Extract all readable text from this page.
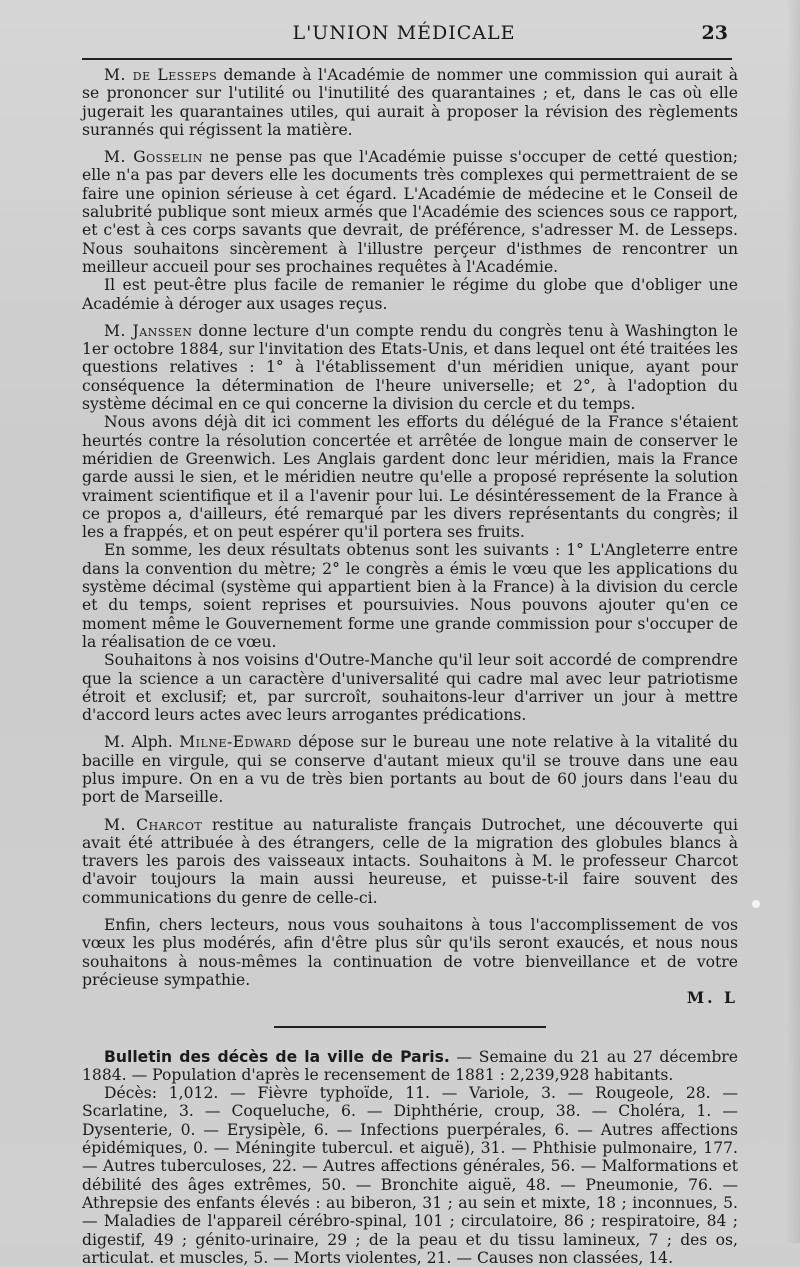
L'UNION MÉDICALE	23

M. de Lesseps demande à l'Académie de nommer une commission qui aurait à se prononcer sur l'utilité ou l'inutilité des quarantaines ; et, dans le cas où elle jugerait les quarantaines utiles, qui aurait à proposer la révision des règlements surannés qui régissent la matière.

M. Gosselin ne pense pas que l'Académie puisse s'occuper de cetté question; elle n'a pas par devers elle les documents très complexes qui permettraient de se faire une opinion sérieuse à cet égard. L'Académie de médecine et le Conseil de salubrité publique sont mieux armés que l'Académie des sciences sous ce rapport, et c'est à ces corps savants que devrait, de préférence, s'adresser M. de Lesseps. Nous souhaitons sincèrement à l'illustre perçeur d'isthmes de rencontrer un meilleur accueil pour ses prochaines requêtes à l'Académie.

Il est peut-être plus facile de remanier le régime du globe que d'obliger une Académie à déroger aux usages reçus.

M. Janssen donne lecture d'un compte rendu du congrès tenu à Washington le 1er octobre 1884, sur l'invitation des Etats-Unis, et dans lequel ont été traitées les questions relatives : 1° à l'établissement d'un méridien unique, ayant pour conséquence la détermination de l'heure universelle; et 2°, à l'adoption du système décimal en ce qui concerne la division du cercle et du temps.

Nous avons déjà dit ici comment les efforts du délégué de la France s'étaient heurtés contre la résolution concertée et arrêtée de longue main de conserver le méridien de Greenwich. Les Anglais gardent donc leur méridien, mais la France garde aussi le sien, et le méridien neutre qu'elle a proposé représente la solution vraiment scientifique et il a l'avenir pour lui. Le désintéressement de la France à ce propos a, d'ailleurs, été remarqué par les divers représentants du congrès; il les a frappés, et on peut espérer qu'il portera ses fruits.

En somme, les deux résultats obtenus sont les suivants : 1° L'Angleterre entre dans la convention du mètre; 2° le congrès a émis le vœu que les applications du système décimal (système qui appartient bien à la France) à la division du cercle et du temps, soient reprises et poursuivies. Nous pouvons ajouter qu'en ce moment même le Gouvernement forme une grande commission pour s'occuper de la réalisation de ce vœu.

Souhaitons à nos voisins d'Outre-Manche qu'il leur soit accordé de comprendre que la science a un caractère d'universalité qui cadre mal avec leur patriotisme étroit et exclusif; et, par surcroît, souhaitons-leur d'arriver un jour à mettre d'accord leurs actes avec leurs arrogantes prédications.

M. Alph. Milne-Edward dépose sur le bureau une note relative à la vitalité du bacille en virgule, qui se conserve d'autant mieux qu'il se trouve dans une eau plus impure. On en a vu de très bien portants au bout de 60 jours dans l'eau du port de Marseille.

M. Charcot restitue au naturaliste français Dutrochet, une découverte qui avait été attribuée à des étrangers, celle de la migration des globules blancs à travers les parois des vaisseaux intacts. Souhaitons à M. le professeur Charcot d'avoir toujours la main aussi heureuse, et puisse-t-il faire souvent des communications du genre de celle-ci.

Enfin, chers lecteurs, nous vous souhaitons à tous l'accomplissement de vos vœux les plus modérés, afin d'être plus sûr qu'ils seront exaucés, et nous nous souhaitons à nous-mêmes la continuation de votre bienveillance et de votre précieuse sympathie.

M. L

Bulletin des décès de la ville de Paris. — Semaine du 21 au 27 décembre 1884. — Population d'après le recensement de 1881 : 2,239,928 habitants.

Décès: 1,012. — Fièvre typhoïde, 11. — Variole, 3. — Rougeole, 28. — Scarlatine, 3. — Coqueluche, 6. — Diphthérie, croup, 38. — Choléra, 1. — Dysenterie, 0. — Erysipèle, 6. — Infections puerpérales, 6. — Autres affections épidémiques, 0. — Méningite tubercul. et aiguë), 31. — Phthisie pulmonaire, 177. — Autres tuberculoses, 22. — Autres affections générales, 56. — Malformations et débilité des âges extrêmes, 50. — Bronchite aiguë, 48. — Pneumonie, 76. — Athrepsie des enfants élevés : au biberon, 31 ; au sein et mixte, 18 ; inconnues, 5. — Maladies de l'appareil cérébro-spinal, 101 ; circulatoire, 86 ; respiratoire, 84 ; digestif, 49 ; génito-urinaire, 29 ; de la peau et du tissu lamineux, 7 ; des os, articulat. et muscles, 5. — Morts violentes, 21. — Causes non classées, 14.
